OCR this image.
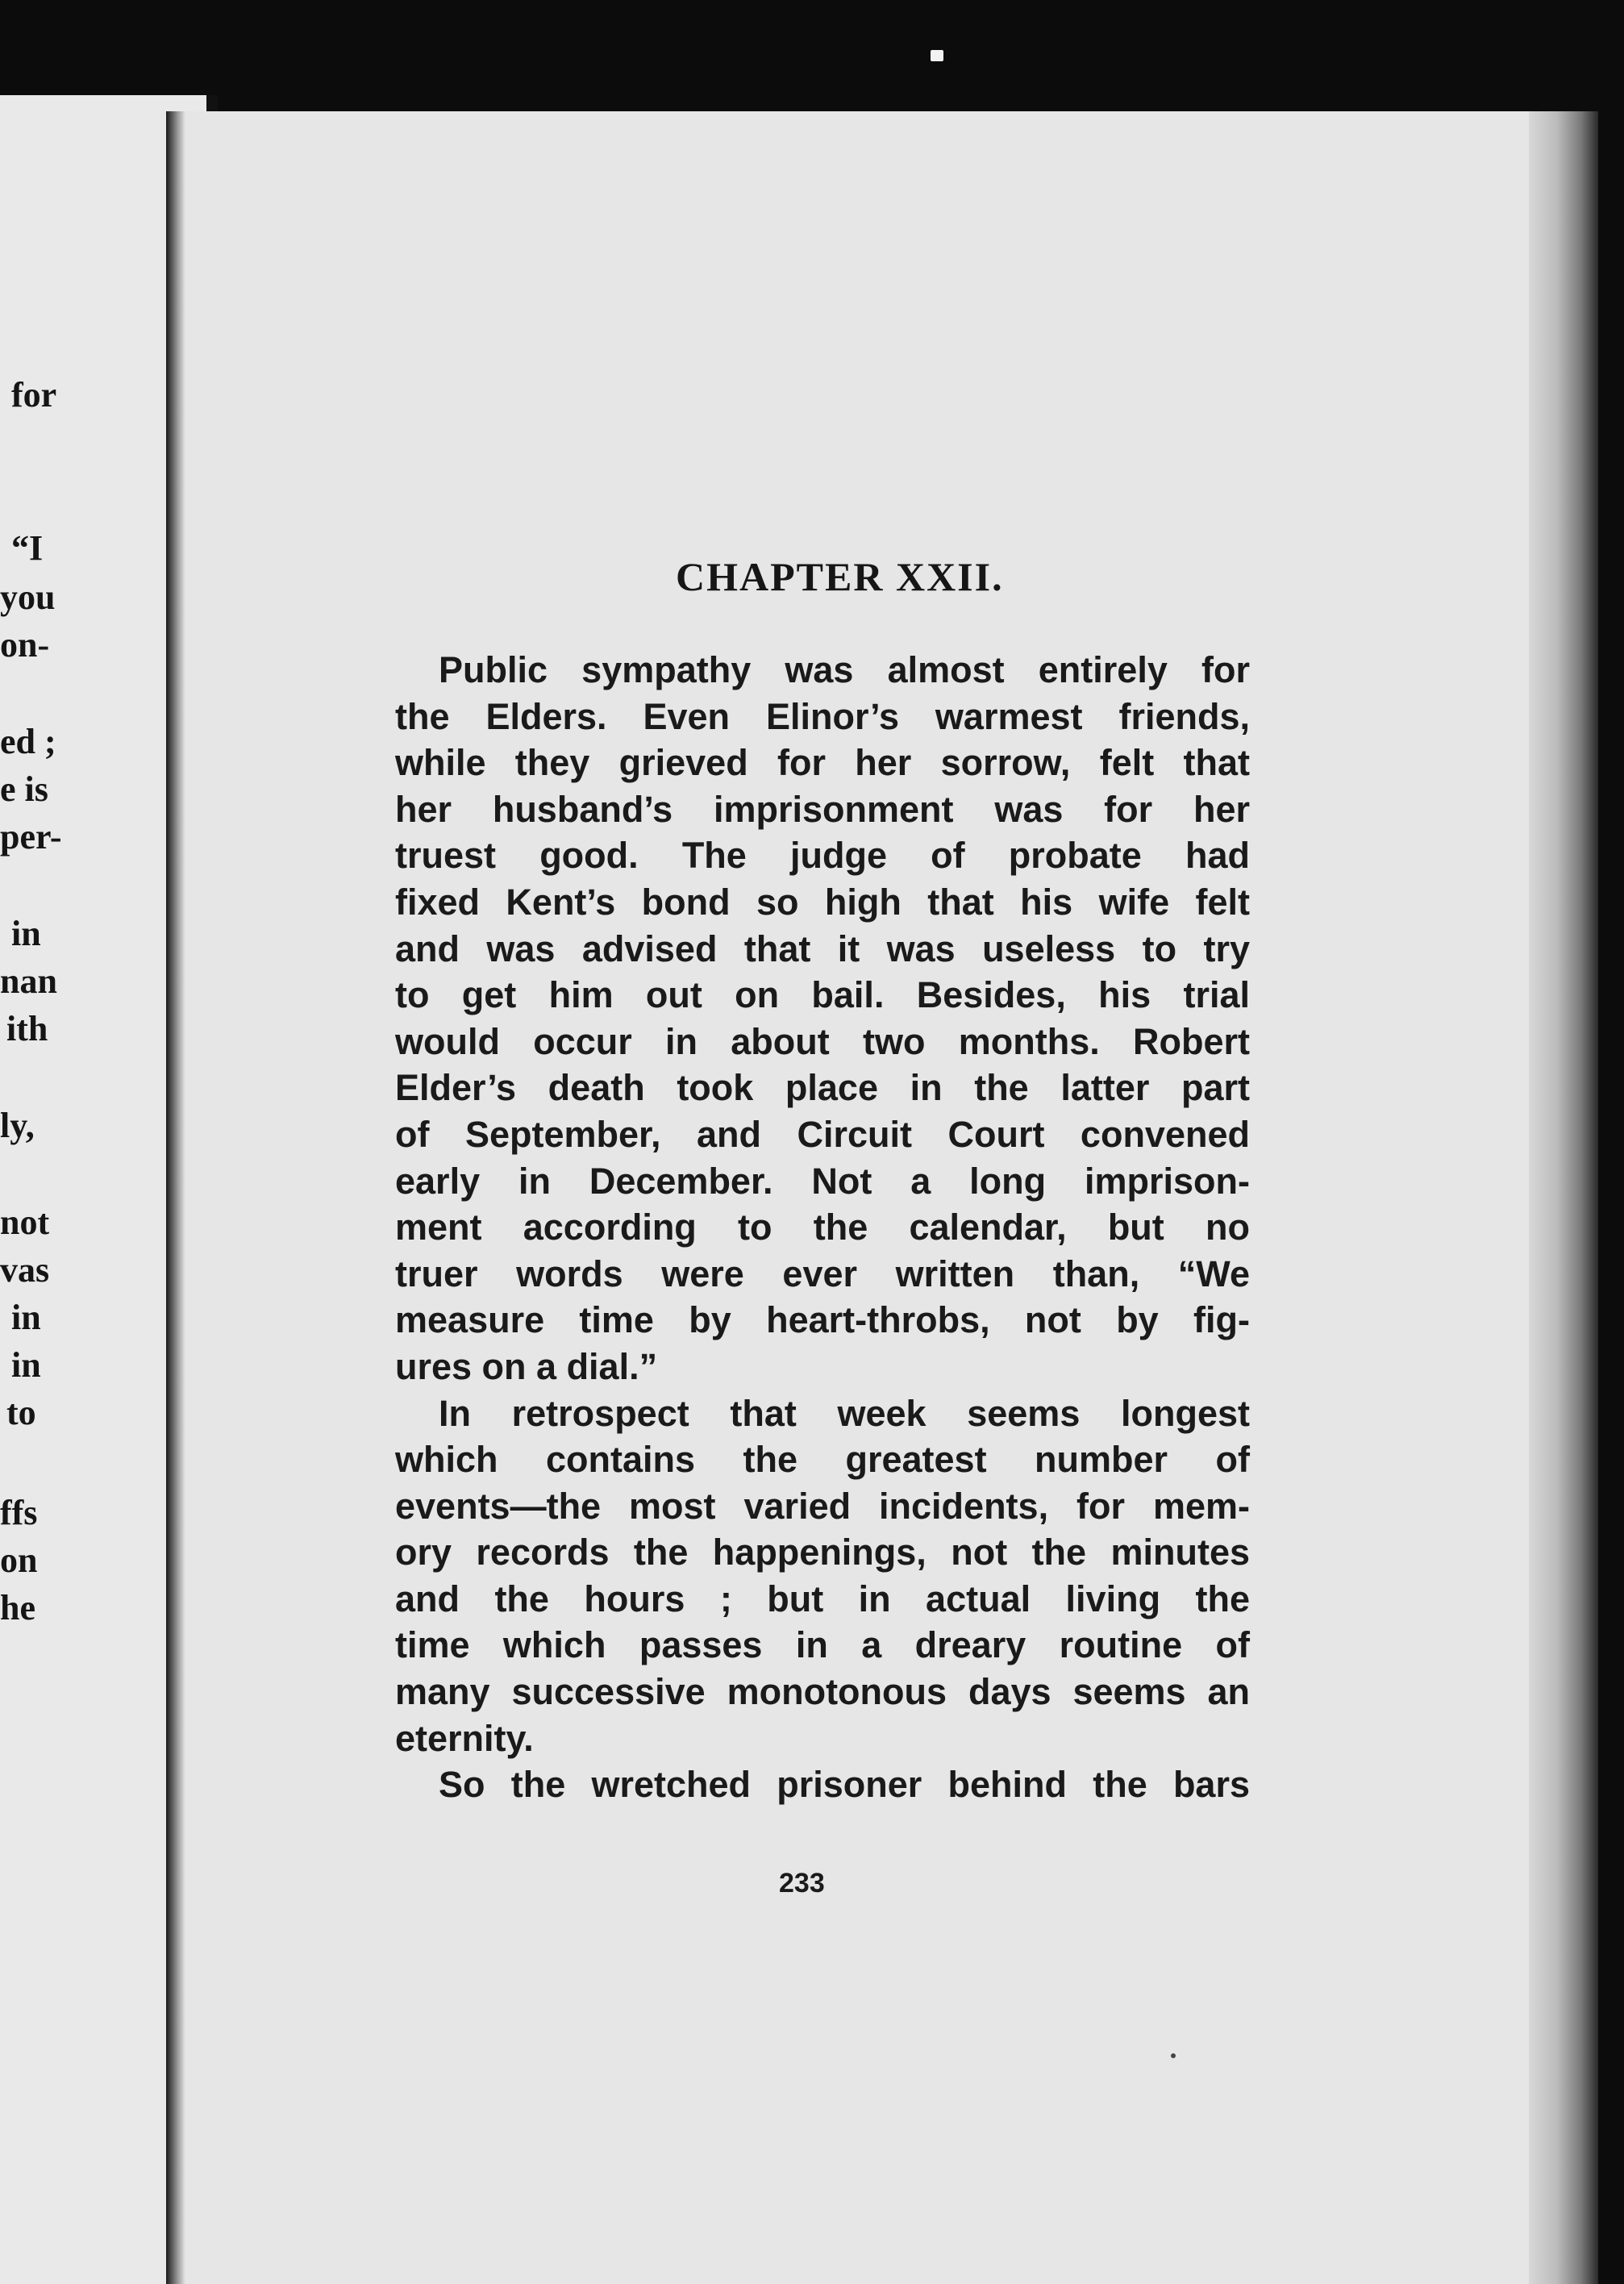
for
“I
you
on-
ed ;
e is
per-
in
nan
ith
ly,
not
vas
in
in
to
ffs
on
he
CHAPTER XXII.
Public sympathy was almost entirely for
the Elders. Even Elinor’s warmest friends,
while they grieved for her sorrow, felt that
her husband’s imprisonment was for her
truest good. The judge of probate had
fixed Kent’s bond so high that his wife felt
and was advised that it was useless to try
to get him out on bail. Besides, his trial
would occur in about two months. Robert
Elder’s death took place in the latter part
of September, and Circuit Court convened
early in December. Not a long imprison-
ment according to the calendar, but no
truer words were ever written than, “We
measure time by heart-throbs, not by fig-
ures on a dial.”
In retrospect that week seems longest
which contains the greatest number of
events—the most varied incidents, for mem-
ory records the happenings, not the minutes
and the hours ; but in actual living the
time which passes in a dreary routine of
many successive monotonous days seems an
eternity.
So the wretched prisoner behind the bars
233
